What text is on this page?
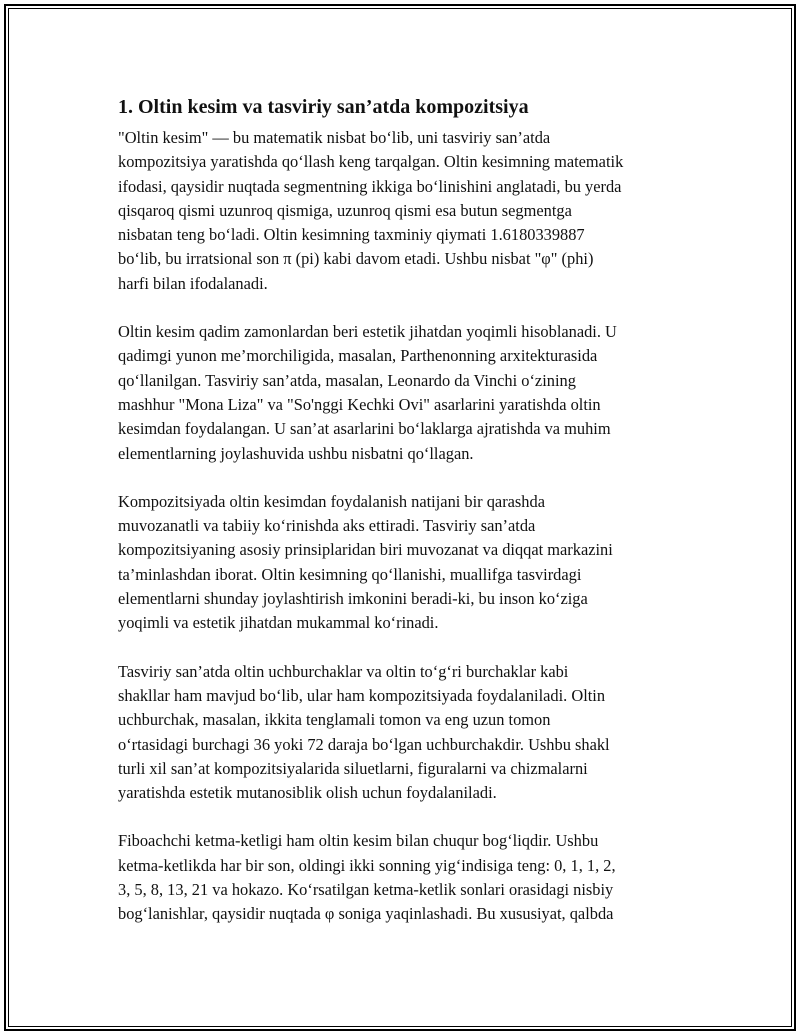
1. Oltin kesim va tasviriy san’atda kompozitsiya

"Oltin kesim" — bu matematik nisbat bo‘lib, uni tasviriy san’atda
kompozitsiya yaratishda qo‘llash keng tarqalgan. Oltin kesimning matematik
ifodasi, qaysidir nuqtada segmentning ikkiga bo‘linishini anglatadi, bu yerda
qisqaroq qismi uzunroq qismiga, uzunroq qismi esa butun segmentga
nisbatan teng bo‘ladi. Oltin kesimning taxminiy qiymati 1.6180339887
bo‘lib, bu irratsional son π (pi) kabi davom etadi. Ushbu nisbat "φ" (phi)
harfi bilan ifodalanadi.

Oltin kesim qadim zamonlardan beri estetik jihatdan yoqimli hisoblanadi. U
qadimgi yunon me’morchiligida, masalan, Parthenonning arxitekturasida
qo‘llanilgan. Tasviriy san’atda, masalan, Leonardo da Vinchi o‘zining
mashhur "Mona Liza" va "So'nggi Kechki Ovi" asarlarini yaratishda oltin
kesimdan foydalangan. U san’at asarlarini bo‘laklarga ajratishda va muhim
elementlarning joylashuvida ushbu nisbatni qo‘llagan.

Kompozitsiyada oltin kesimdan foydalanish natijani bir qarashda
muvozanatli va tabiiy ko‘rinishda aks ettiradi. Tasviriy san’atda
kompozitsiyaning asosiy prinsiplaridan biri muvozanat va diqqat markazini
ta’minlashdan iborat. Oltin kesimning qo‘llanishi, muallifga tasvirdagi
elementlarni shunday joylashtirish imkonini beradi-ki, bu inson ko‘ziga
yoqimli va estetik jihatdan mukammal ko‘rinadi.

Tasviriy san’atda oltin uchburchaklar va oltin to‘g‘ri burchaklar kabi
shakllar ham mavjud bo‘lib, ular ham kompozitsiyada foydalaniladi. Oltin
uchburchak, masalan, ikkita tenglamali tomon va eng uzun tomon
o‘rtasidagi burchagi 36 yoki 72 daraja bo‘lgan uchburchakdir. Ushbu shakl
turli xil san’at kompozitsiyalarida siluetlarni, figuralarni va chizmalarni
yaratishda estetik mutanosiblik olish uchun foydalaniladi.

Fiboachchi ketma-ketligi ham oltin kesim bilan chuqur bog‘liqdir. Ushbu
ketma-ketlikda har bir son, oldingi ikki sonning yig‘indisiga teng: 0, 1, 1, 2,
3, 5, 8, 13, 21 va hokazo. Ko‘rsatilgan ketma-ketlik sonlari orasidagi nisbiy
bog‘lanishlar, qaysidir nuqtada φ soniga yaqinlashadi. Bu xususiyat, qalbda
